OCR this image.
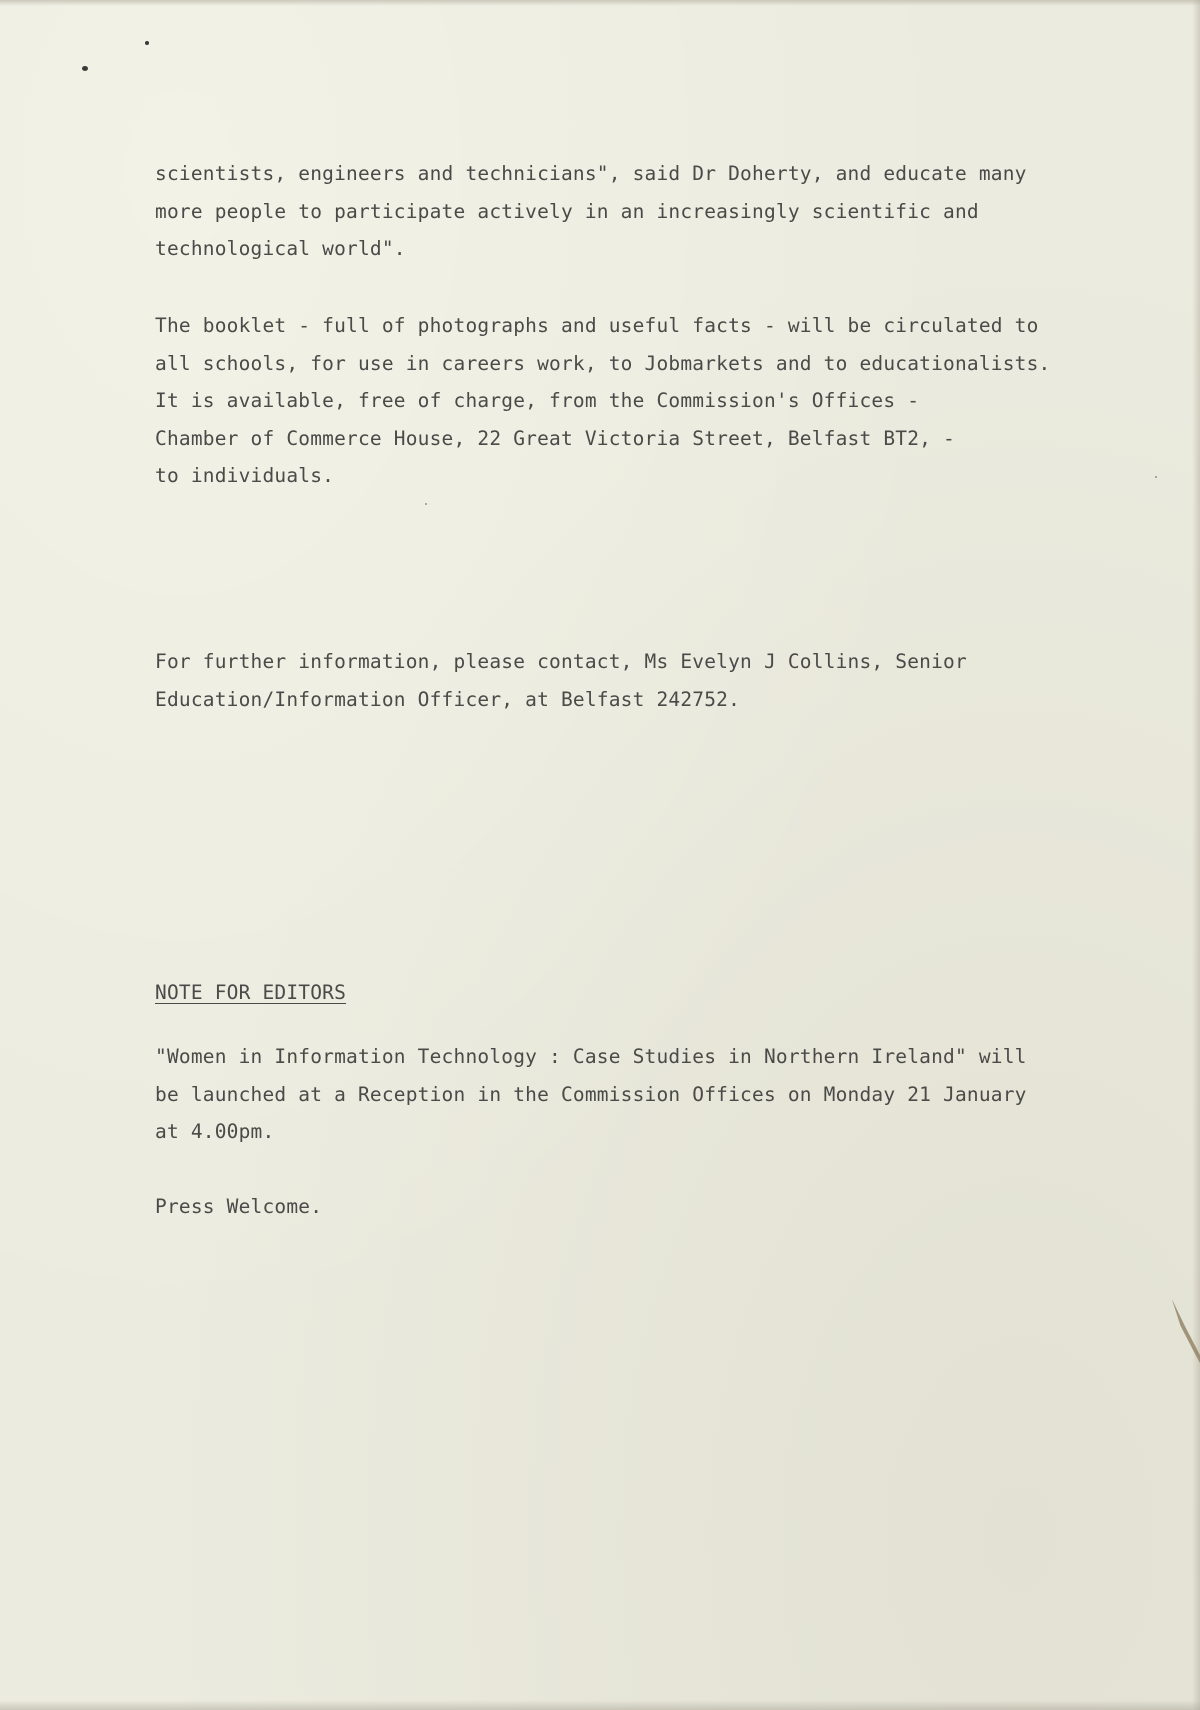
scientists, engineers and technicians", said Dr Doherty, and educate many
more people to participate actively in an increasingly scientific and
technological world".
The booklet - full of photographs and useful facts - will be circulated to
all schools, for use in careers work, to Jobmarkets and to educationalists.
It is available, free of charge, from the Commission's Offices -
Chamber of Commerce House, 22 Great Victoria Street, Belfast BT2, -
to individuals.
For further information, please contact, Ms Evelyn J Collins, Senior
Education/Information Officer, at Belfast 242752.
NOTE FOR EDITORS
"Women in Information Technology : Case Studies in Northern Ireland" will
be launched at a Reception in the Commission Offices on Monday 21 January
at 4.00pm.
Press Welcome.
